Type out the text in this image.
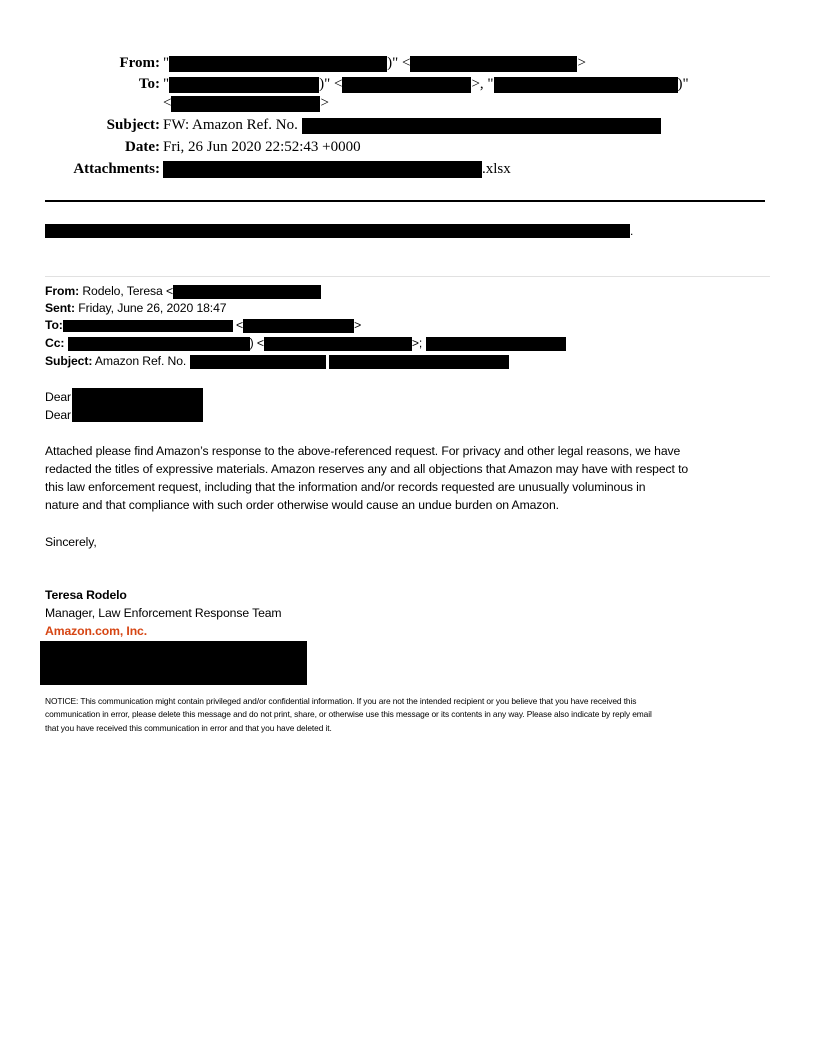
From: "	)" <	>
To: "	)" <	>, "	)"
<	>
Subject: FW: Amazon Ref. No.
Date: Fri, 26 Jun 2020 22:52:43 +0000
Attachments:	.xlsx
.
From: Rodelo, Teresa <
Sent: Friday, June 26, 2020 18:47
To:	<	>
Cc:	) <	>;
Subject: Amazon Ref. No.
Dear
Dear
Attached please find Amazon’s response to the above-referenced request. For privacy and other legal reasons, we have
redacted the titles of expressive materials. Amazon reserves any and all objections that Amazon may have with respect to
this law enforcement request, including that the information and/or records requested are unusually voluminous in
nature and that compliance with such order otherwise would cause an undue burden on Amazon.
Sincerely,
Teresa Rodelo
Manager, Law Enforcement Response Team
Amazon.com, Inc.
NOTICE: This communication might contain privileged and/or confidential information. If you are not the intended recipient or you believe that you have received this
communication in error, please delete this message and do not print, share, or otherwise use this message or its contents in any way. Please also indicate by reply email
that you have received this communication in error and that you have deleted it.
